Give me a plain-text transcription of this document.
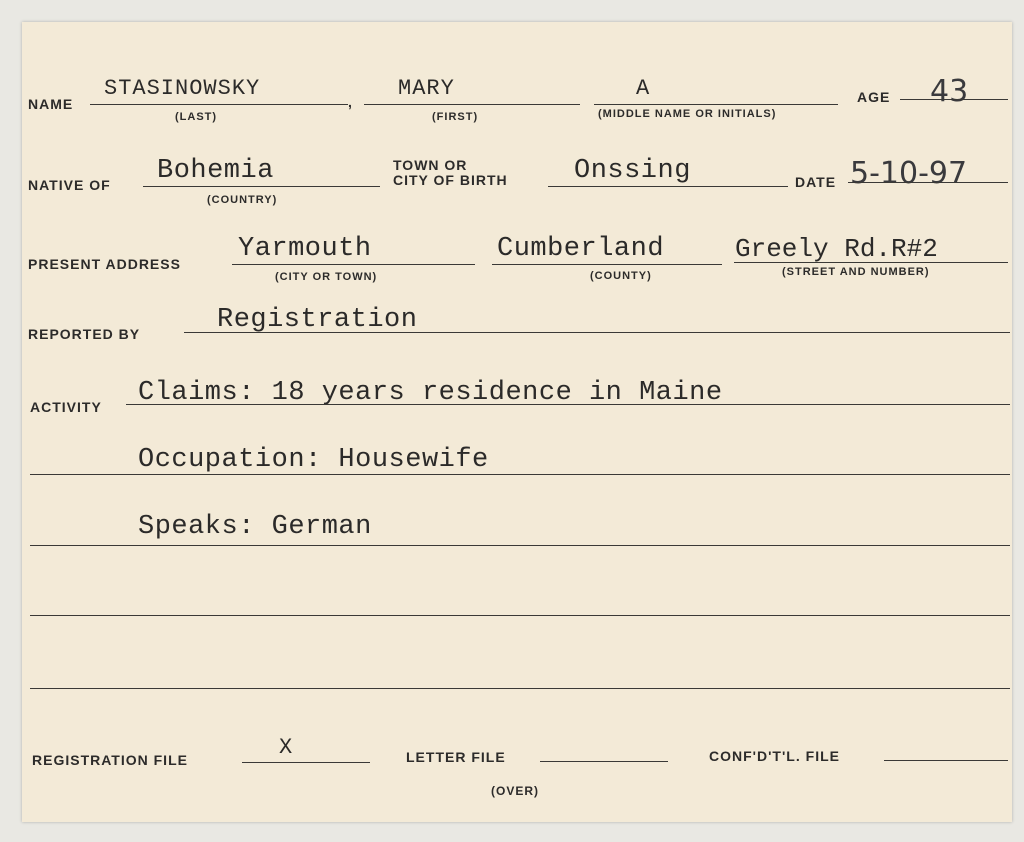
NAME
STASINOWSKY
(LAST)
,
MARY
(FIRST)
A
(MIDDLE NAME OR INITIALS)
AGE 43
NATIVE OF Bohemia
(COUNTRY)
TOWN OR
CITY OF BIRTH Onssing	DATE 5-10-97
PRESENT ADDRESS Yarmouth
(CITY OR TOWN)
Cumberland
(COUNTY)
Greely Rd.R#2
(STREET AND NUMBER)
REPORTED BY	Registration
ACTIVITY Claims: 18 years residence in Maine
Occupation: Housewife
Speaks: German
REGISTRATION FILE	X	LETTER FILE	CONF'D'T'L. FILE
(OVER)
